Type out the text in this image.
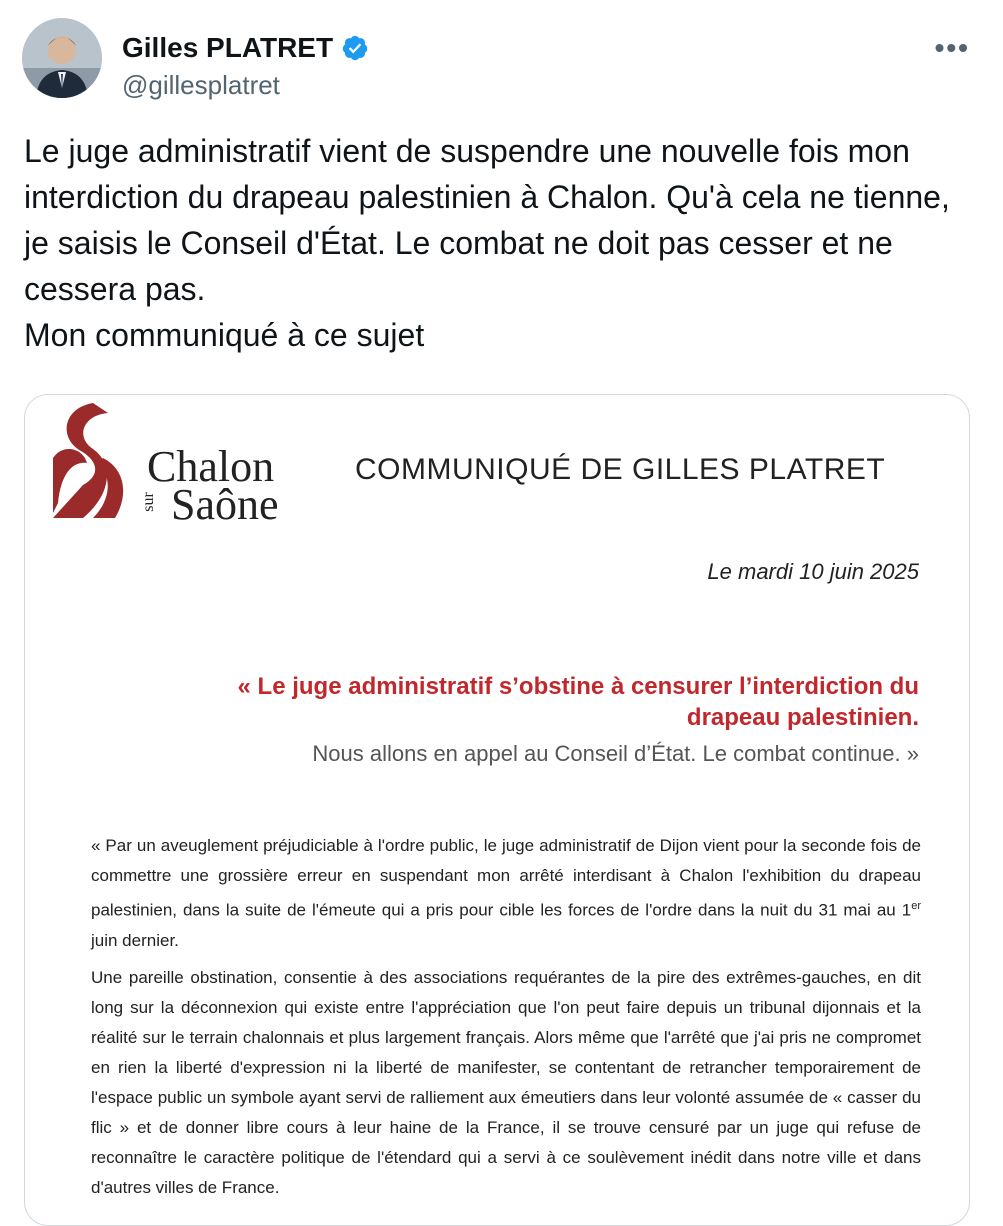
Gilles PLATRET
@gillesplatret
•••

Le juge administratif vient de suspendre une nouvelle fois mon interdiction du drapeau palestinien à Chalon. Qu'à cela ne tienne, je saisis le Conseil d'État. Le combat ne doit pas cesser et ne cessera pas.

Mon communiqué à ce sujet

Chalon
sur Saône
COMMUNIQUÉ DE GILLES PLATRET
Le mardi 10 juin 2025
« Le juge administratif s’obstine à censurer l’interdiction du drapeau palestinien.
Nous allons en appel au Conseil d’État. Le combat continue. »

« Par un aveuglement préjudiciable à l'ordre public, le juge administratif de Dijon vient pour la seconde fois de commettre une grossière erreur en suspendant mon arrêté interdisant à Chalon l'exhibition du drapeau palestinien, dans la suite de l'émeute qui a pris pour cible les forces de l'ordre dans la nuit du 31 mai au 1er juin dernier.

Une pareille obstination, consentie à des associations requérantes de la pire des extrêmes-gauches, en dit long sur la déconnexion qui existe entre l'appréciation que l'on peut faire depuis un tribunal dijonnais et la réalité sur le terrain chalonnais et plus largement français. Alors même que l'arrêté que j'ai pris ne compromet en rien la liberté d'expression ni la liberté de manifester, se contentant de retrancher temporairement de l'espace public un symbole ayant servi de ralliement aux émeutiers dans leur volonté assumée de « casser du flic » et de donner libre cours à leur haine de la France, il se trouve censuré par un juge qui refuse de reconnaître le caractère politique de l'étendard qui a servi à ce soulèvement inédit dans notre ville et dans d'autres villes de France.
